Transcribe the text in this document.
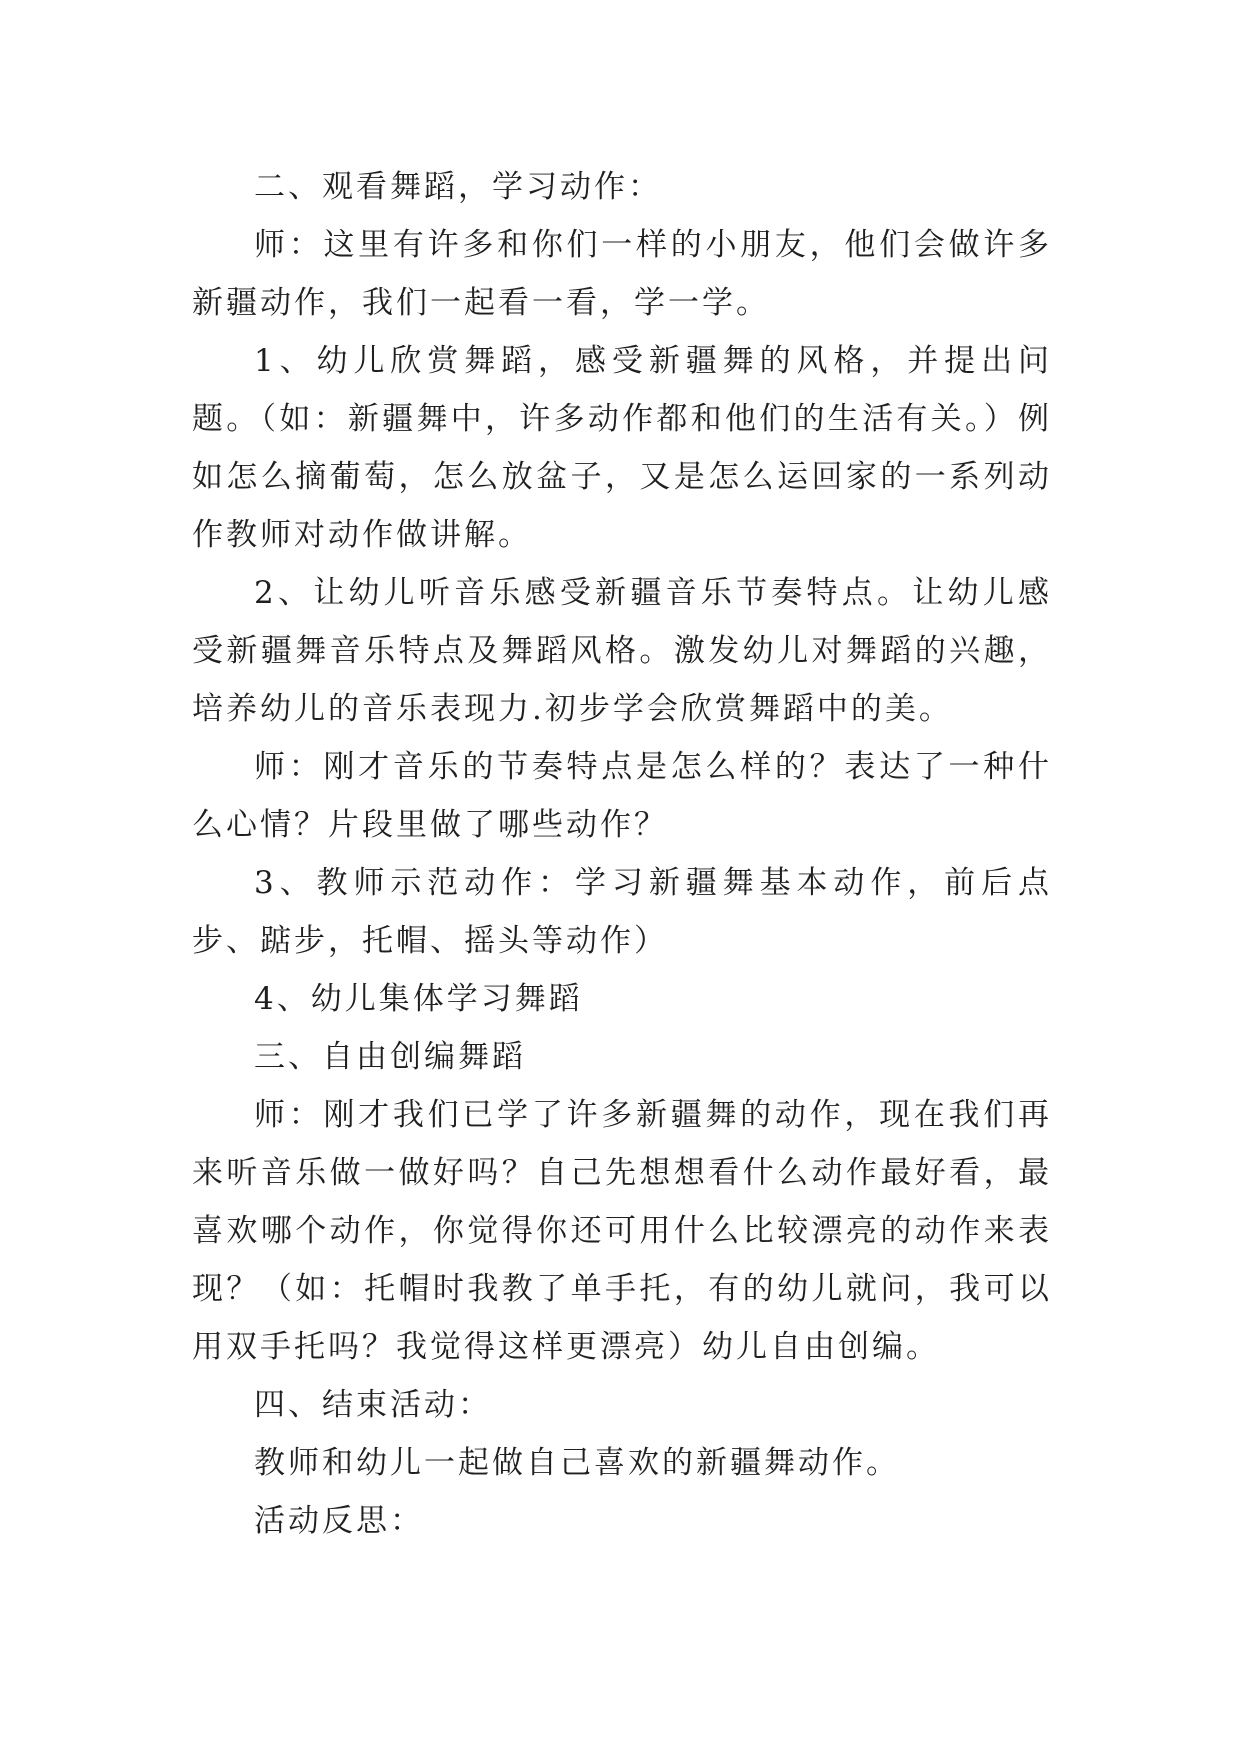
二、观看舞蹈，学习动作：

师：这里有许多和你们一样的小朋友，他们会做许多新疆动作，我们一起看一看，学一学。

1、幼儿欣赏舞蹈，感受新疆舞的风格，并提出问题。（如：新疆舞中，许多动作都和他们的生活有关。）例如怎么摘葡萄，怎么放盆子，又是怎么运回家的一系列动作教师对动作做讲解。

2、让幼儿听音乐感受新疆音乐节奏特点。让幼儿感受新疆舞音乐特点及舞蹈风格。激发幼儿对舞蹈的兴趣，培养幼儿的音乐表现力.初步学会欣赏舞蹈中的美。

师：刚才音乐的节奏特点是怎么样的？表达了一种什么心情？片段里做了哪些动作？

3、教师示范动作：学习新疆舞基本动作，前后点步、踮步，托帽、摇头等动作）

4、幼儿集体学习舞蹈

三、自由创编舞蹈

师：刚才我们已学了许多新疆舞的动作，现在我们再来听音乐做一做好吗？自己先想想看什么动作最好看，最喜欢哪个动作，你觉得你还可用什么比较漂亮的动作来表现？（如：托帽时我教了单手托，有的幼儿就问，我可以用双手托吗？我觉得这样更漂亮）幼儿自由创编。

四、结束活动：

教师和幼儿一起做自己喜欢的新疆舞动作。

活动反思：
